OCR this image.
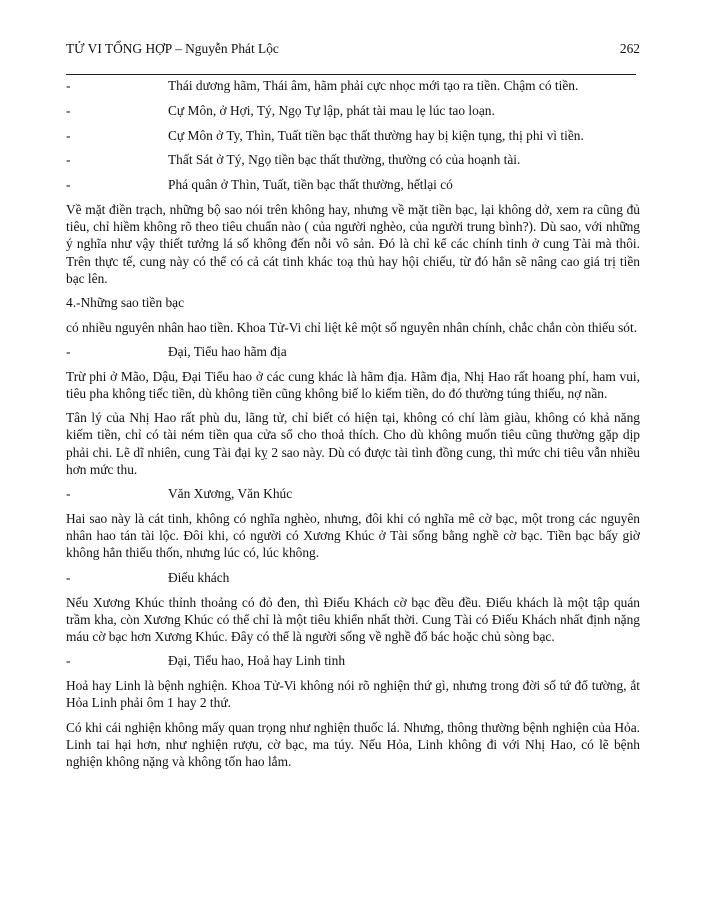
TỬ VI TỔNG HỢP – Nguyễn Phát Lộc	262
-	Thái dương hãm, Thái âm, hãm phải cực nhọc mới tạo ra tiền. Chậm có tiền.
-	Cự Môn, ở Hợi, Tý, Ngọ Tự lập, phát tài mau lẹ lúc tao loạn.
-	Cự Môn ở Ty, Thìn, Tuất tiền bạc thất thường hay bị kiện tụng, thị phi vì tiền.
-	Thất Sát ở Tý, Ngọ tiền bạc thất thường, thường có của hoạnh tài.
-	Phá quân ở Thìn, Tuất, tiền bạc thất thường, hếtlại có

Về mặt điền trạch, những bộ sao nói trên không hay, nhưng về mặt tiền bạc, lại không dở, xem ra cũng đủ tiêu, chỉ hiềm không rõ theo tiêu chuẩn nào ( của người nghèo, của người trung bình?). Dù sao, với những ý nghĩa như vậy thiết tưởng lá số không đến nỗi vô sản. Đó là chỉ kể các chính tinh ở cung Tài mà thôi. Trên thực tế, cung này có thể có cả cát tinh khác toạ thủ hay hội chiếu, từ đó hẳn sẽ nâng cao giá trị tiền bạc lên.

4.-Những sao tiền bạc

có nhiều nguyên nhân hao tiền. Khoa Tử-Vi chỉ liệt kê một số nguyên nhân chính, chắc chắn còn thiếu sót.

-	Đại, Tiểu hao hãm địa

Trừ phi ở Mão, Dậu, Đại Tiểu hao ở các cung khác là hãm địa. Hãm địa, Nhị Hao rất hoang phí, ham vui, tiêu pha không tiếc tiền, dù không tiền cũng không biế lo kiếm tiền, do đó thường túng thiếu, nợ nần.

Tân lý của Nhị Hao rất phù du, lãng tử, chỉ biết có hiện tại, không có chí làm giàu, không có khả năng kiếm tiền, chỉ có tài ném tiền qua cửa sổ cho thoả thích. Cho dù không muốn tiêu cũng thường gặp dịp phải chi. Lẽ dĩ nhiên, cung Tài đại kỵ 2 sao này. Dù có được tài tình đồng cung, thì mức chi tiêu vẫn nhiều hơn mức thu.

-	Văn Xương, Văn Khúc

Hai sao này là cát tinh, không có nghĩa nghèo, nhưng, đôi khi có nghĩa mê cờ bạc, một trong các nguyên nhân hao tán tài lộc. Đôi khi, có người có Xương Khúc ở Tài sống bằng nghề cờ bạc. Tiền bạc bấy giờ không hẳn thiếu thốn, nhưng lúc có, lúc không.

-	Điếu khách

Nếu Xương Khúc thỉnh thoảng có đỏ đen, thì Điếu Khách cờ bạc đều đều. Điếu khách là một tập quán trầm kha, còn Xương Khúc có thể chỉ là một tiêu khiển nhất thời. Cung Tài có Điếu Khách nhất định nặng máu cờ bạc hơn Xương Khúc. Đây có thể là người sống về nghề đổ bác hoặc chủ sòng bạc.

-	Đại, Tiểu hao, Hoả hay Linh tinh

Hoả hay Linh là bệnh nghiện. Khoa Tử-Vi không nói rõ nghiện thứ gì, nhưng trong đời số tứ đổ tường, ắt Hỏa Linh phải ôm 1 hay 2 thứ.

Có khi cái nghiện không mấy quan trọng như nghiện thuốc lá. Nhưng, thông thường bệnh nghiện của Hỏa. Linh tai hại hơn, như nghiện rượu, cờ bạc, ma túy. Nếu Hỏa, Linh không đi với Nhị Hao, có lẽ bệnh nghiện không nặng và không tốn hao lắm.
